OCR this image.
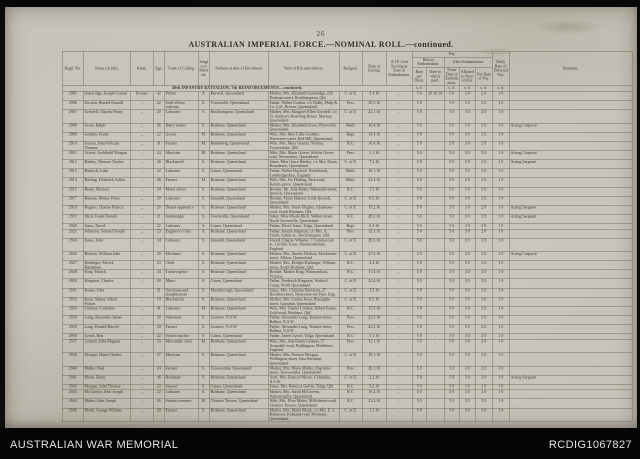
26
AUSTRALIAN IMPERIAL FORCE.—NOMINAL ROLL.—continued.
Regtl. No.	Name (in full).	Rank.	Age.	Trade or Calling.	Single or Married.	Address at date of Enrolment.	Next of Kin and address.	Religion.	Date of Joining.	A.I.F. Unit Serving at Date of Embarkation.	Pay.					Daily Rate of Deferred Pay.	Remarks.
											Before Embarkation.		After Embarkation.				
											Rate per Diem.	Date to which paid.	From Date of Embarkation.	Allotted to Next of Kin.	Net Rate of Pay.		
49th INFANTRY BATTALION, 7th REINFORCEMENTS—continued.											s. d.		s. d.	s. d.	s. d.	s. d.	
2905	Gutteridge, Joseph Conrad	Private	42	Printer	S.	Burwell, Queensland	Mother, Mrs. Elizabeth Gutteridge, 220 Denham-street, Rockhampton, Qld.	C. of E.	5.4.16	..	5 0	20.10.16	5 0	3 0	2 0	1 0	
2906	Gordon, Ronald Donald	„	22	Staff officer, railways	S.	Townsville, Queensland	Father, Walter Gordon, c/o Dalby, Philp & Co. Ltd., Bowen, Queensland	Pres.	29.5.16	..	5 0	..	5 0	3 0	2 0	1 0	
2907	Grenfell, Charles Henry	„	20	Labourer	S.	Rockhampton, Queensland	Mother, Mrs. Margaret Ellen Grenfell, c/o St. Andrew's Boarding House, Mackay, Queensland	C. of E.	22.1.16	..	5 0	..	5 0	3 0	2 0	1 0	
2908	Gross, Ralph	„	26	Dairy farmer	S.	Brisbane, Queensland	Mother, Mrs. Elizabeth Gross, Pittsworth, Queensland	Meth.	10.4.16	..	5 0	..	5 0	3 0	2 0	1 0	Acting Corporal
2909	Godden, Frank	„	22	Grocer	M.	Brisbane, Queensland	Wife, Mrs. May Lillie Godden, Wavertree-street, Red Hill, Queensland	Bapt.	14.3.16	..	5 0	..	5 0	3 0	2 0	1 0	
2910	Guerin, John Felician Thomas	„	31	Farmer	M.	Bundaberg, Queensland	Wife, Mrs. Mary Guerin, 'Strelna,' Toowoomba, Qld.	R.C.	10.4.16	..	5 0	..	5 0	3 0	2 0	1 0	
2911	Grieve, Archibald Morgan	„	24	Musician	M.	Brisbane, Queensland	Wife, Mrs. Marie Grieve, Kelvin Grove-road, Newmarket, Queensland	Pres.	3.1.16	..	5 0	..	5 0	3 0	2 0	1 0	Acting Corporal
2912	Hanley, Thomas Charles	„	30	Blacksmith	S.	Brisbane, Queensland	Sister, Miss Grace Hanley, c/o Mrs. Davis, Beaudesert, Queensland	C. of E.	7.2.16	..	5 0	..	5 0	3 0	2 0	1 0	Acting Sergeant
2913	Haylock, Luke	„	22	Labourer	S.	Cairns, Queensland	Father, Walter Haylock, Waterbeach, Cambridgeshire, England	Meth.	18.1.16	..	5 0	..	5 0	3 0	2 0	1 0	
2914	Harling, Frederick Arthur	„	28	Farmer	M.	Brisbane, Queensland	Wife, Mrs. Ivy Harling, Park-road, Kelvin-grove, Queensland	Meth.	24.4.16	..	5 0	..	5 0	3 0	2 0	1 0	
2915	Healy, Michael	„	24	Motor driver	S.	Brisbane, Queensland	Brother, Mr. John Healy, Wakefield-street, Ipswich, Queensland	R.C.	1.5.16	..	5 0	..	5 0	3 0	2 0	1 0	
2917	Hansen, Marius Peiter	„	29	Labourer	S.	Emerald, Queensland	Brother, Peiter Hansen, Little Ipswich, Queensland	C. of E.	8.5.16	..	5 0	..	5 0	3 0	2 0	1 0	
2918	Hughes, Charles Francis	„	20	Dental apprentice	S.	Brisbane, Queensland	Mother, Mrs. Jessie Hughes, Gladstone-road, South Brisbane, Qld.	C. of E.	15.2.16	..	5 0	..	5 0	3 0	2 0	1 0	Acting Sergeant
2919	Illich, Frank Donald	„	21	Ironmonger	S.	Townsville, Queensland	Sister, Miss Rhoda Illich, Walker-street, North Townsville, Queensland	R.C.	28.2.16	..	5 0	..	5 0	3 0	2 0	1 0	Acting Sergeant
2920	Jones, David	„	22	Labourer	S.	Cairns, Queensland	Father, David Jones, Tolga, Queensland	Bapt.	6.3.16	..	5 0	..	5 0	3 0	2 0	1 0	
2921	Johnston, Samuel Joseph	„	23	Engineer's fitter	S.	Brisbane, Queensland	Father, Joseph Johnston, c/o Mrs. A. Smith, Arthur-st., Rockhampton, Qld.	Pres.	13.3.16	..	5 0	..	5 0	3 0	2 0	1 0	
2924	Jones, John	„	34	Labourer	S.	Emerald, Queensland	Friend, Charles Wheeler, 7 Commercial-st., Griffith Town, Monmouthshire, England	C. of E.	20.3.16	..	5 0	..	5 0	3 0	2 0	1 0	
2926	Hodson, William John	„	29	Mechanic	S.	Brisbane, Queensland	Mother, Mrs. Amelia Hodson, Mackenzie-street, Albion, Queensland	C. of E.	27.3.16	..	5 0	..	5 0	3 0	2 0	1 0	Acting Corporal
2927	Kinlenger, Patrick Hardeman	„	23	Clerk	S.	Brisbane, Queensland	Mother, Mrs. Bridget Kinlenger, William-street, South Brisbane, Qld.	R.C.	3.4.16	..	5 0	..	5 0	3 0	2 0	1 0	
2928	King, Patrick	„	44	Timber-getter	S.	Brisbane, Queensland	Brother, Martin King, Warrnambool, Victoria	R.C.	17.4.16	..	5 0	..	5 0	3 0	2 0	1 0	
2929	Kingston, Charles	„	20	Miner	S.	Cairns, Queensland	Father, Frederick Kingston, Watford Camp, North Queensland	C. of E.	24.4.16	..	5 0	..	5 0	3 0	2 0	1 0	
2931	Keane, John	„	21	Stockman and slaughterman	S.	Maryborough, Queensland	Sister, Mrs. Christina Davidson, 27 Hordern-street, Newcastle-on-Tyne, Eng.	C. of E.	1.5.16	..	5 0	..	5 0	3 0	2 0	1 0	
2932	Kean, Sidney Alfred Polson	„	19	Blacksmith	S.	Brisbane, Queensland	Mother, Mrs. Louisa Kean, Pineapple-street, Gayndah, Queensland	C. of E.	8.5.16	..	5 0	..	5 0	3 0	2 0	1 0	
2933	Lindsay, Cornelius	„	41	Labourer	M.	Brisbane, Queensland	Wife, Mrs. Gladys Lindsay, Hilton Estate, Gold-road, Brisbane, Qld.	R.C.	15.5.16	..	5 0	..	5 0	3 0	2 0	1 0	
2934	Lang, Alexander James	„	20	Salesman	S.	Lismore, N.S.W.	Father, Alexander Lang, Terania-street, Ballina, N.S.W.	Pres.	22.5.16	..	5 0	..	5 0	3 0	2 0	1 0	
2935	Lang, Donald Harold	„	20	Farmer	S.	Lismore, N.S.W.	Father, Alexander Lang, Terania-street, Ballina, N.S.W.	Pres.	22.5.16	..	5 0	..	5 0	3 0	2 0	1 0	
2936	Lynch, Bart	„	22	School teacher	S.	Cairns, Queensland	Father, James Lynch, Tolga, Queensland	R.C.	5.1.16	..	5 0	..	5 0	3 0	2 0	1 0	
2937	Lennon, John Magnus	„	33	Mercantile clerk	M.	Brisbane, Queensland	Wife, Mrs. Ada Fanny Lennon, 37 Armadale-road, Paddington, Middlesex, England	Pres.	12.1.16	..	5 0	..	5 0	3 0	2 0	1 0	
2938	Morgan, Harry Charles	„	27	Musician	S.	Brisbane, Queensland	Mother, Mrs. Frances Morgan, Wellington-street, East Brisbane, Queensland	C. of E.	19.1.16	..	5 0	..	5 0	3 0	2 0	1 0	
2940	Muller, Paul	„	24	Farmer	S.	Toowoomba, Queensland	Mother, Mrs. Maria Muller, Charlotte-street, Toowoomba, Queensland	Pres.	26.1.16	..	5 0	..	5 0	3 0	2 0	1 0	
2941	Moon, Harry	„	46	Bushman	S.	Brisbane, Queensland	Aunt, Mrs. Frances Moore, Columbia, N.S.W.	C. of E.	2.2.16	..	5 0	..	5 0	3 0	2 0	1 0	Acting Sergeant
2942	Morgan, John Thomas	„	23	Sawyer	S.	Cairns, Queensland	Sister, Mrs. Rebecca Galvin, Tolga, Qld.	R.C.	9.2.16	..	5 0	..	5 0	3 0	2 0	1 0	
2943	McGovern, John Joseph	„	22	Labourer	S.	Brisbane, Queensland	Mother, Mrs. Sarah McGovern, Indooroopilly, Queensland	R.C.	16.2.16	..	5 0	..	5 0	3 0	2 0	1 0	
2944	Maher, John Joseph	„	26	Station overseer	M.	Charters Towers, Queensland	Wife, Mrs. Elsie Maher, Millchester-road, Charters Towers, Queensland	R.C.	23.2.16	..	5 0	..	5 0	3 0	2 0	1 0	
2945	Monk, George William	„	20	Farmer	S.	Brisbane, Queensland	Mother, Mrs. Maria Monk, c/o Mrs. E. J. Robinson, Kirkland-road, Wynnum, Queensland	C. of E.	1.3.16	..	5 0	..	5 0	3 0	2 0	1 0	
AUSTRALIAN WAR MEMORIAL	RCDIG1067827
